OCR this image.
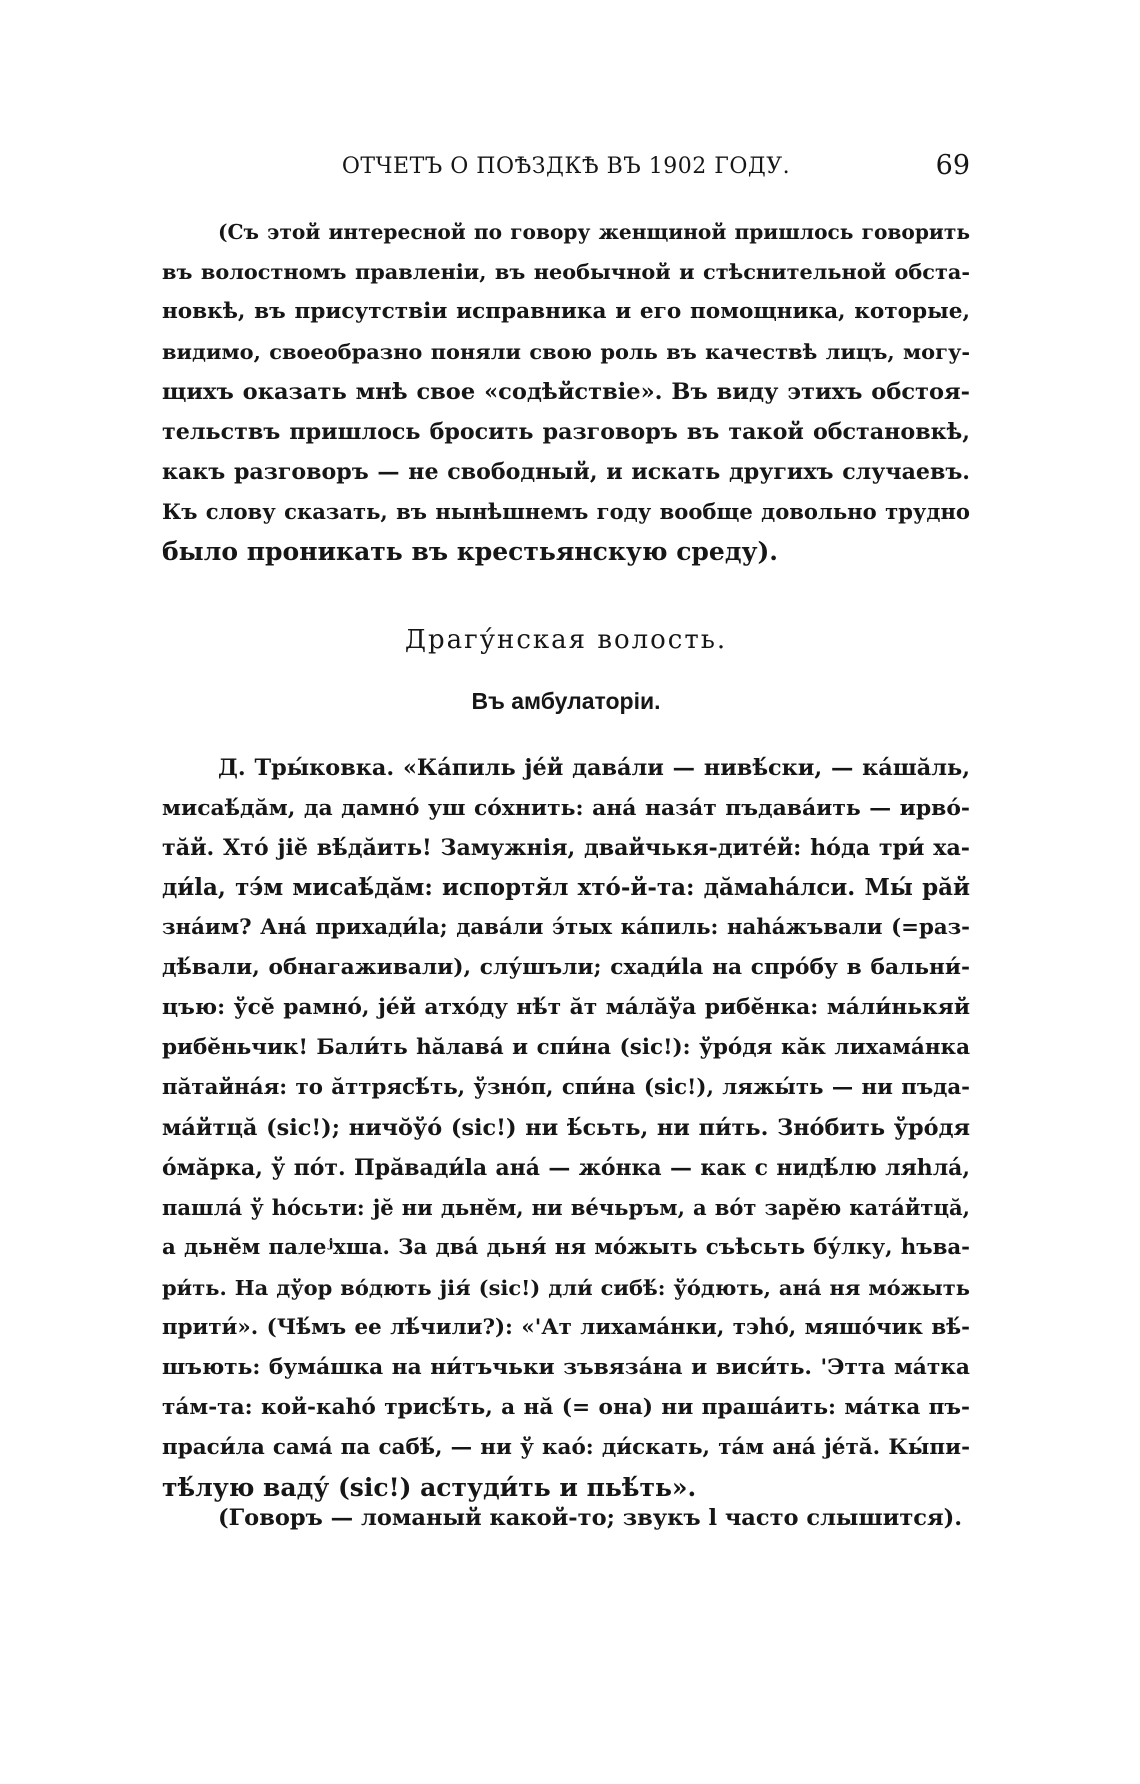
ОТЧЕТЪ О ПОѢЗДКѢ ВЪ 1902 ГОДУ.	69
(Съ этой интересной по говору женщиной пришлось говорить
въ волостномъ правленіи, въ необычной и стѣснительной обста-
новкѣ, въ присутствіи исправника и его помощника, которые,
видимо, своеобразно поняли свою роль въ качествѣ лицъ, могу-
щихъ оказать мнѣ свое «содѣйствіе». Въ виду этихъ обстоя-
тельствъ пришлось бросить разговоръ въ такой обстановкѣ,
какъ разговоръ — не свободный, и искать другихъ случаевъ.
Къ слову сказать, въ нынѣшнемъ году вообще довольно трудно
было проникать въ крестьянскую среду).
Драгу́нская волость.
Въ амбулаторіи.
Д. Тры́ковка. «Ка́пиль jе́й дава́ли — нивѣ́ски, — ка́шӑль,
мисаѣ́дӑм, да дамно́ уш со́хнить: ана́ наза́т пъдава́ить — ирво́-
тӑй. Хто́ jiӗ вѣ́дӑить! Замужнія, двайчькя-дите́й: һо́да три́ ха-
ди́la, тэ́м мисаѣ́дӑм: испортя̆л хто́-й-та: дӑмаһа́лси. Мы́ рӑй
зна́им? Ана́ прихади́la; дава́ли э́тых ка́пиль: наһа́жъвали (=раз-
дѣ́вали, обнагаживали), слу́шъли; схади́la на спро́бу в бальни́-
цъю: ўсӗ рамно́, jе́й атхо́ду нѣ́т ӑт ма́лӑўа рибӗнка: ма́ли́нькяй
рибӗньчик! Бали́ть һӑлава́ и спи́на (sic!): ўро́дя кӑк лихама́нка
пӑтайна́я: то ӑттрясѣ́ть, ўзно́п, спи́на (sic!), ляжы́ть — ни пъда-
ма́йтцӑ (sic!); ничо̆ўо́ (sic!) ни ѣ́сьть, ни пи́ть. Зно́бить ўро́дя
о́мӑрка, ў по́т. Прӑвади́la ана́ — жо́нка — как с нидѣ́лю ляһла́,
пашла́ ў һо́сьти: jӗ ни дьнӗм, ни ве́чьръм, а во́т зарӗю ката́йтцӑ,
а дьнӗм палеʲхша. За два́ дьня́ ня мо́жыть съѣсьть бу́лку, һъва-
ри́ть. На дўор во́дють jiя́ (sic!) дли́ сибѣ́: ўо́дють, ана́ ня мо́жыть
прити́». (Чѣ́мъ ее лѣ́чили?): «'Ат лихама́нки, тэһо́, мяшо́чик вѣ́-
шъють: бума́шка на ни́тъчьки зъвяза́на и виси́ть. 'Этта ма́тка
та́м-та: кой-каһо́ трисѣ́ть, а нӑ (= она) ни праша́ить: ма́тка пъ-
праси́ла сама́ па сабѣ́, — ни ў као́: ди́скать, та́м ана́ jе́тӑ. Кы́пи-
тѣ́лую ваду́ (sic!) астуди́ть и пьѣ́ть».
(Говоръ — ломаный какой-то; звукъ l часто слышится).
